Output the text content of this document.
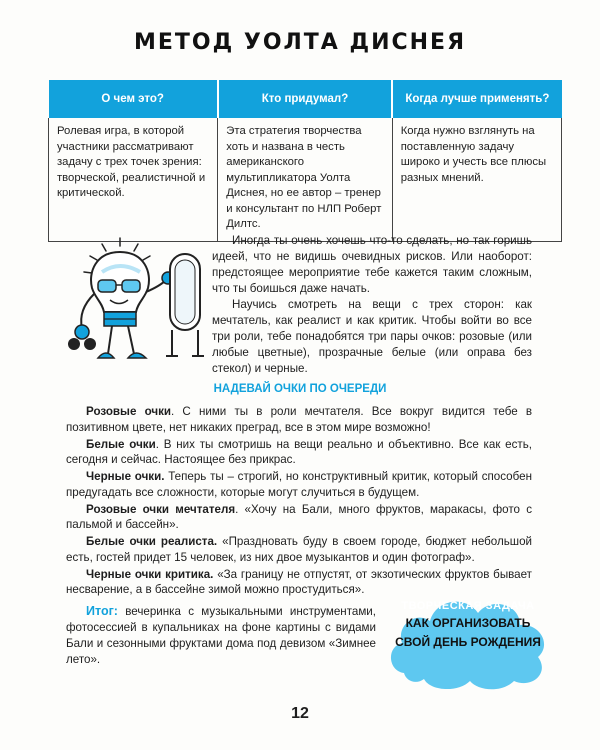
МЕТОД УОЛТА ДИСНЕЯ
О чем это?	Кто придумал?	Когда лучше применять?
Ролевая игра, в которой участники рассматривают задачу с трех точек зрения: творческой, реалистичной и критической.	Эта стратегия творчества хоть и названа в честь американского мультипликатора Уолта Диснея, но ее автор – тренер и консультант по НЛП Роберт Дилтс.	Когда нужно взглянуть на поставленную задачу широко и учесть все плюсы разных мнений.

Иногда ты очень хочешь что-то сделать, но так горишь идеей, что не видишь очевидных рисков. Или наоборот: предстоящее мероприятие тебе кажется таким сложным, что ты боишься даже начать.

Научись смотреть на вещи с трех сторон: как мечтатель, как реалист и как критик. Чтобы войти во все три роли, тебе понадобятся три пары очков: розовые (или любые цветные), прозрачные белые (или оправа без стекол) и черные.

НАДЕВАЙ ОЧКИ ПО ОЧЕРЕДИ

Розовые очки. С ними ты в роли мечтателя. Все вокруг видится тебе в позитивном цвете, нет никаких преград, все в этом мире возможно!

Белые очки. В них ты смотришь на вещи реально и объективно. Все как есть, сегодня и сейчас. Настоящее без прикрас.

Черные очки. Теперь ты – строгий, но конструктивный критик, который способен предугадать все сложности, которые могут случиться в будущем.

Розовые очки мечтателя. «Хочу на Бали, много фруктов, маракасы, фото с пальмой и бассейн».

Белые очки реалиста. «Праздновать буду в своем городе, бюджет небольшой есть, гостей придет 15 человек, из них двое музыкантов и один фотограф».

Черные очки критика. «За границу не отпустят, от экзотических фруктов бывает несварение, а в бассейне зимой можно простудиться».

Итог: вечеринка с музыкальными инструментами, фотосессией в купальниках на фоне картины с видами Бали и сезонными фруктами дома под девизом «Зимнее лето».

ТВОРЧЕСКАЯ ЗАДАЧА
КАК ОРГАНИЗОВАТЬ
СВОЙ ДЕНЬ РОЖДЕНИЯ
12
